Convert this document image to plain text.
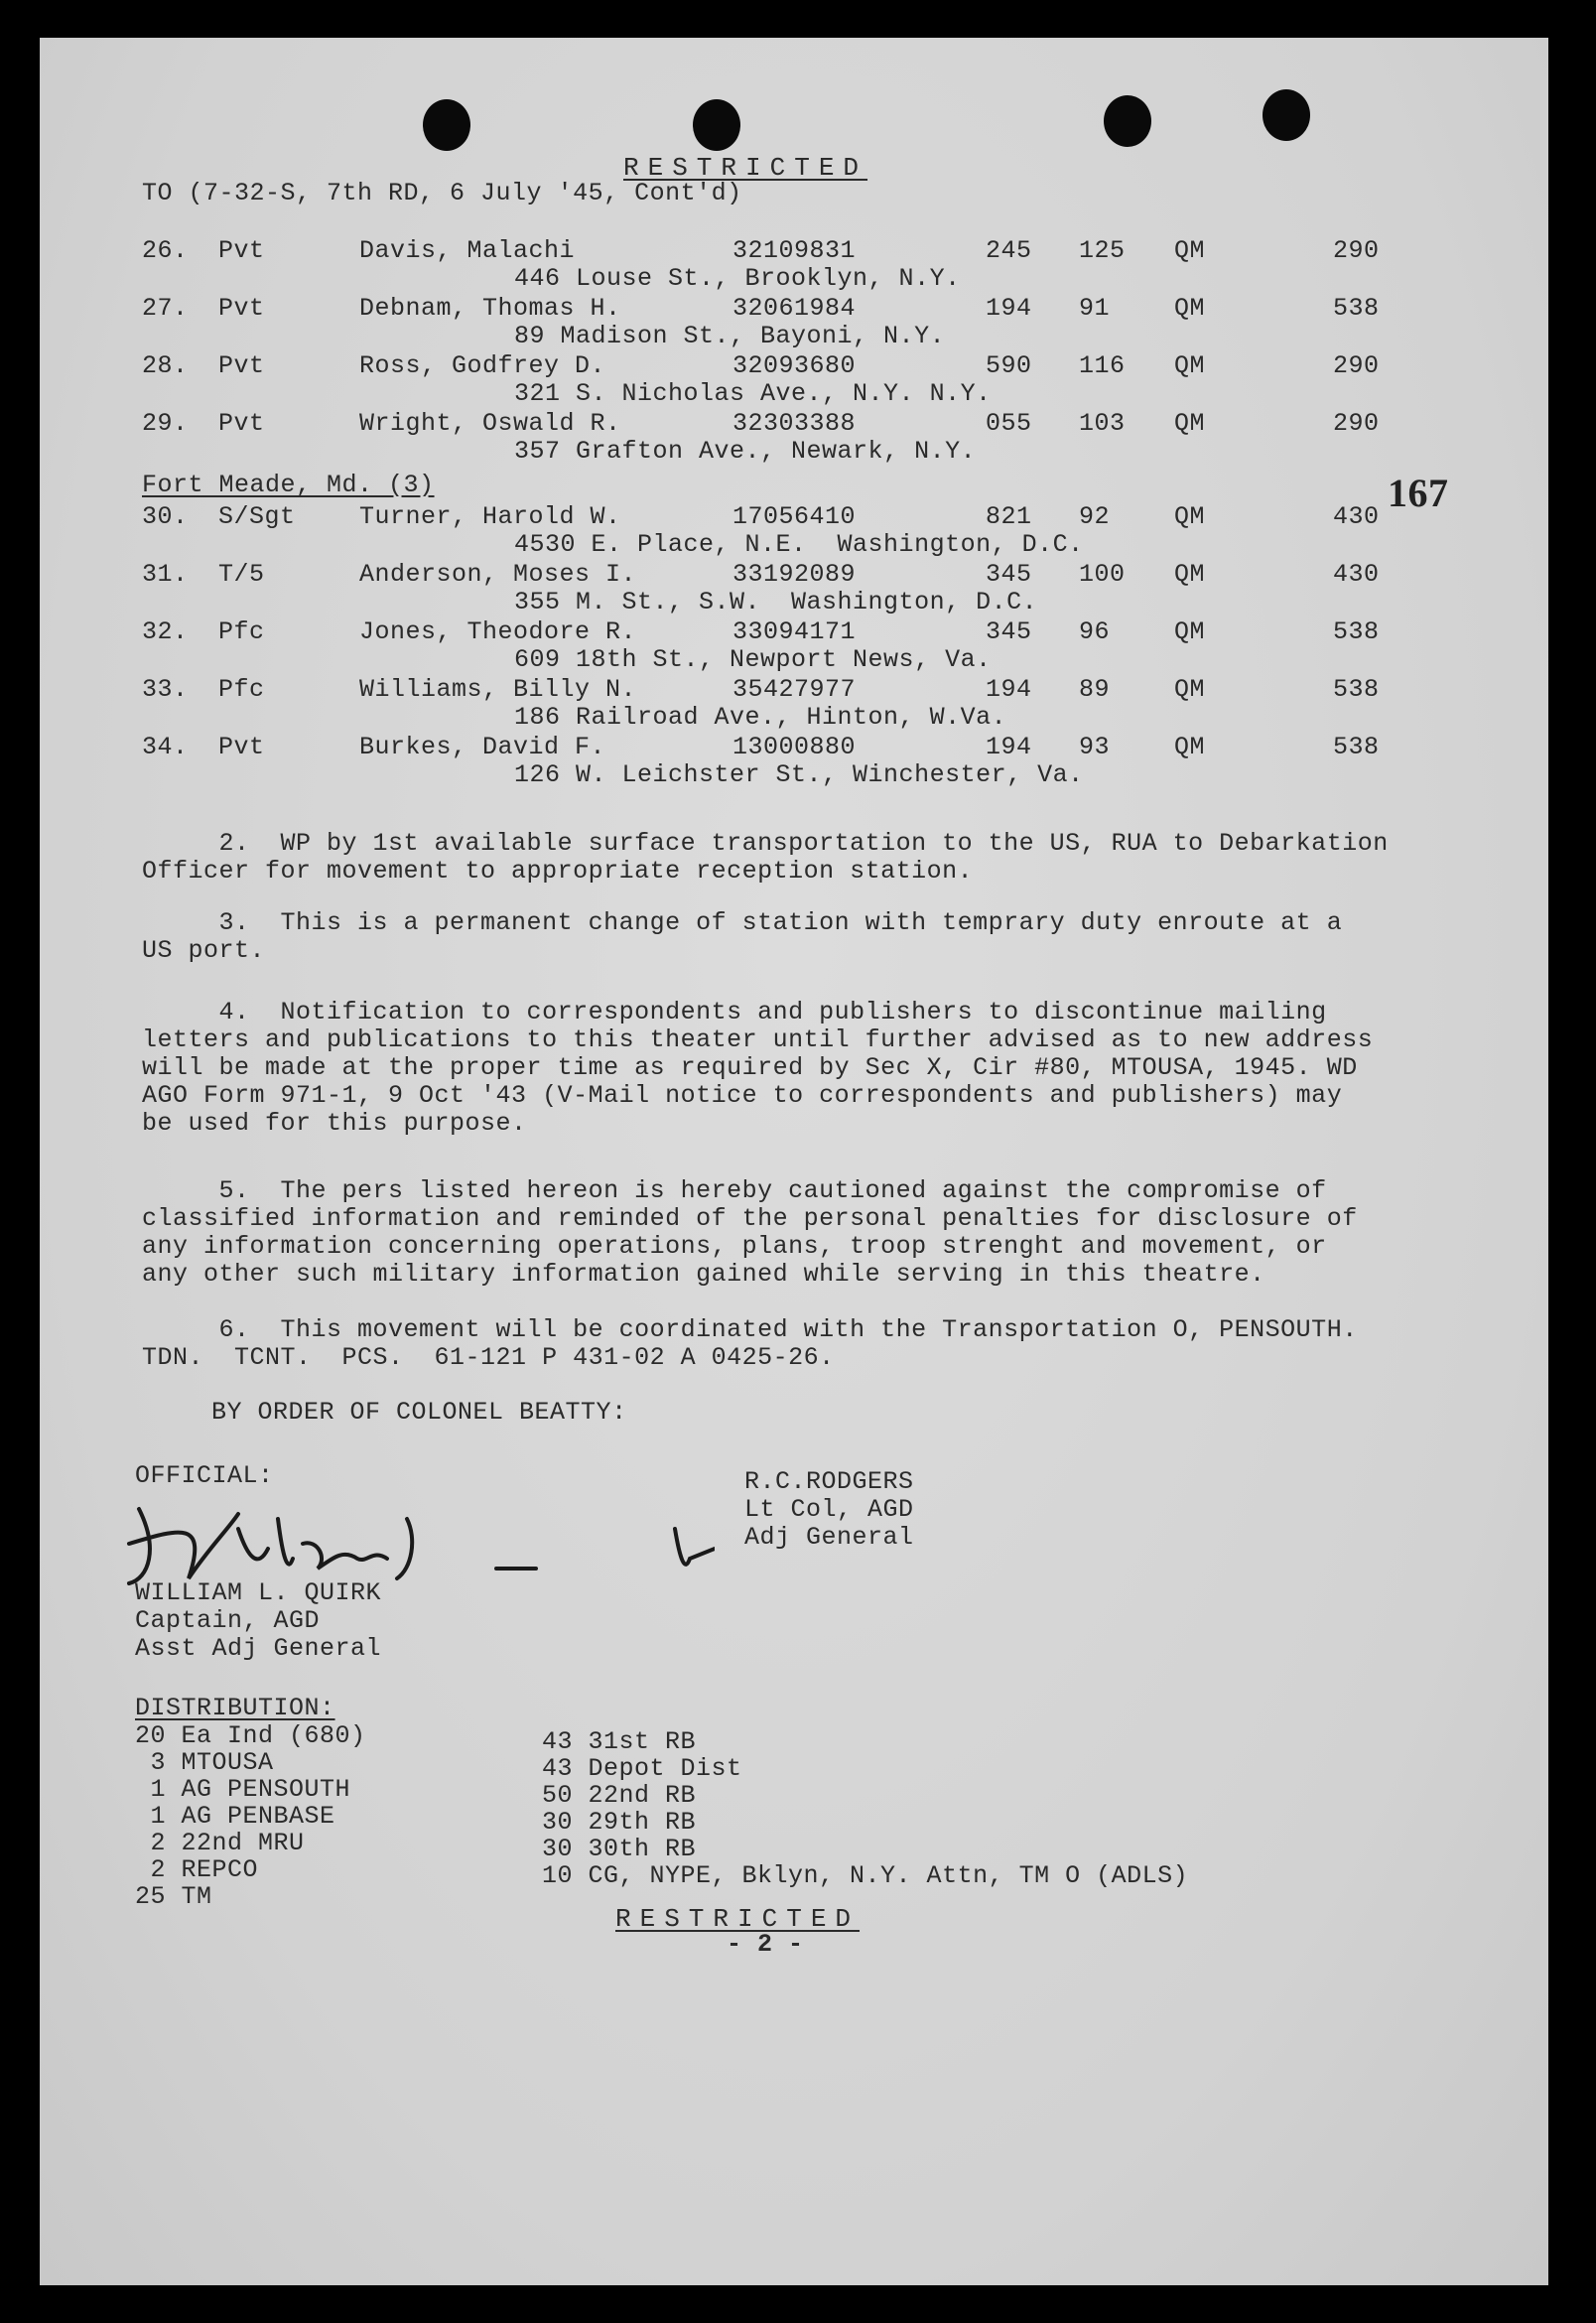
RESTRICTED
TO (7-32-S, 7th RD, 6 July '45, Cont'd)
167
26. Pvt	Davis, Malachi	32109831	245 125 QM	290
446 Louse St., Brooklyn, N.Y.
27. Pvt	Debnam, Thomas H.	32061984	194 91	QM	538
89 Madison St., Bayoni, N.Y.
28. Pvt	Ross, Godfrey D.	32093680	590 116 QM	290
321 S. Nicholas Ave., N.Y. N.Y.
29. Pvt	Wright, Oswald R.	32303388	055 103 QM	290
357 Grafton Ave., Newark, N.Y.
Fort Meade, Md. (3)
30. S/Sgt	Turner, Harold W.	17056410	821 92	QM	430
4530 E. Place, N.E.  Washington, D.C.
31. T/5	Anderson, Moses I.	33192089	345 100 QM	430
355 M. St., S.W.  Washington, D.C.
32. Pfc	Jones, Theodore R.	33094171	345 96	QM	538
609 18th St., Newport News, Va.
33. Pfc	Williams, Billy N.	35427977	194 89	QM	538
186 Railroad Ave., Hinton, W.Va.
34. Pvt	Burkes, David F.	13000880	194 93	QM	538
126 W. Leichster St., Winchester, Va.
2.  WP by 1st available surface transportation to the US, RUA to Debarkation
Officer for movement to appropriate reception station.
3.  This is a permanent change of station with temprary duty enroute at a
US port.
4.  Notification to correspondents and publishers to discontinue mailing
letters and publications to this theater until further advised as to new address
will be made at the proper time as required by Sec X, Cir #80, MTOUSA, 1945. WD
AGO Form 971-1, 9 Oct '43 (V-Mail notice to correspondents and publishers) may
be used for this purpose.
5.  The pers listed hereon is hereby cautioned against the compromise of
classified information and reminded of the personal penalties for disclosure of
any information concerning operations, plans, troop strenght and movement, or
any other such military information gained while serving in this theatre.
6.  This movement will be coordinated with the Transportation O, PENSOUTH.
TDN.  TCNT.  PCS.  61-121 P 431-02 A 0425-26.
BY ORDER OF COLONEL BEATTY:
OFFICIAL:
WILLIAM L. QUIRK
Captain, AGD
Asst Adj General
R.C.RODGERS
Lt Col, AGD
Adj General
DISTRIBUTION:
20 Ea Ind (680)
3 MTOUSA
1 AG PENSOUTH
1 AG PENBASE
2 22nd MRU
2 REPCO
25 TM
43 31st RB
43 Depot Dist
50 22nd RB
30 29th RB
30 30th RB
10 CG, NYPE, Bklyn, N.Y. Attn, TM O (ADLS)
RESTRICTED
- 2 -
